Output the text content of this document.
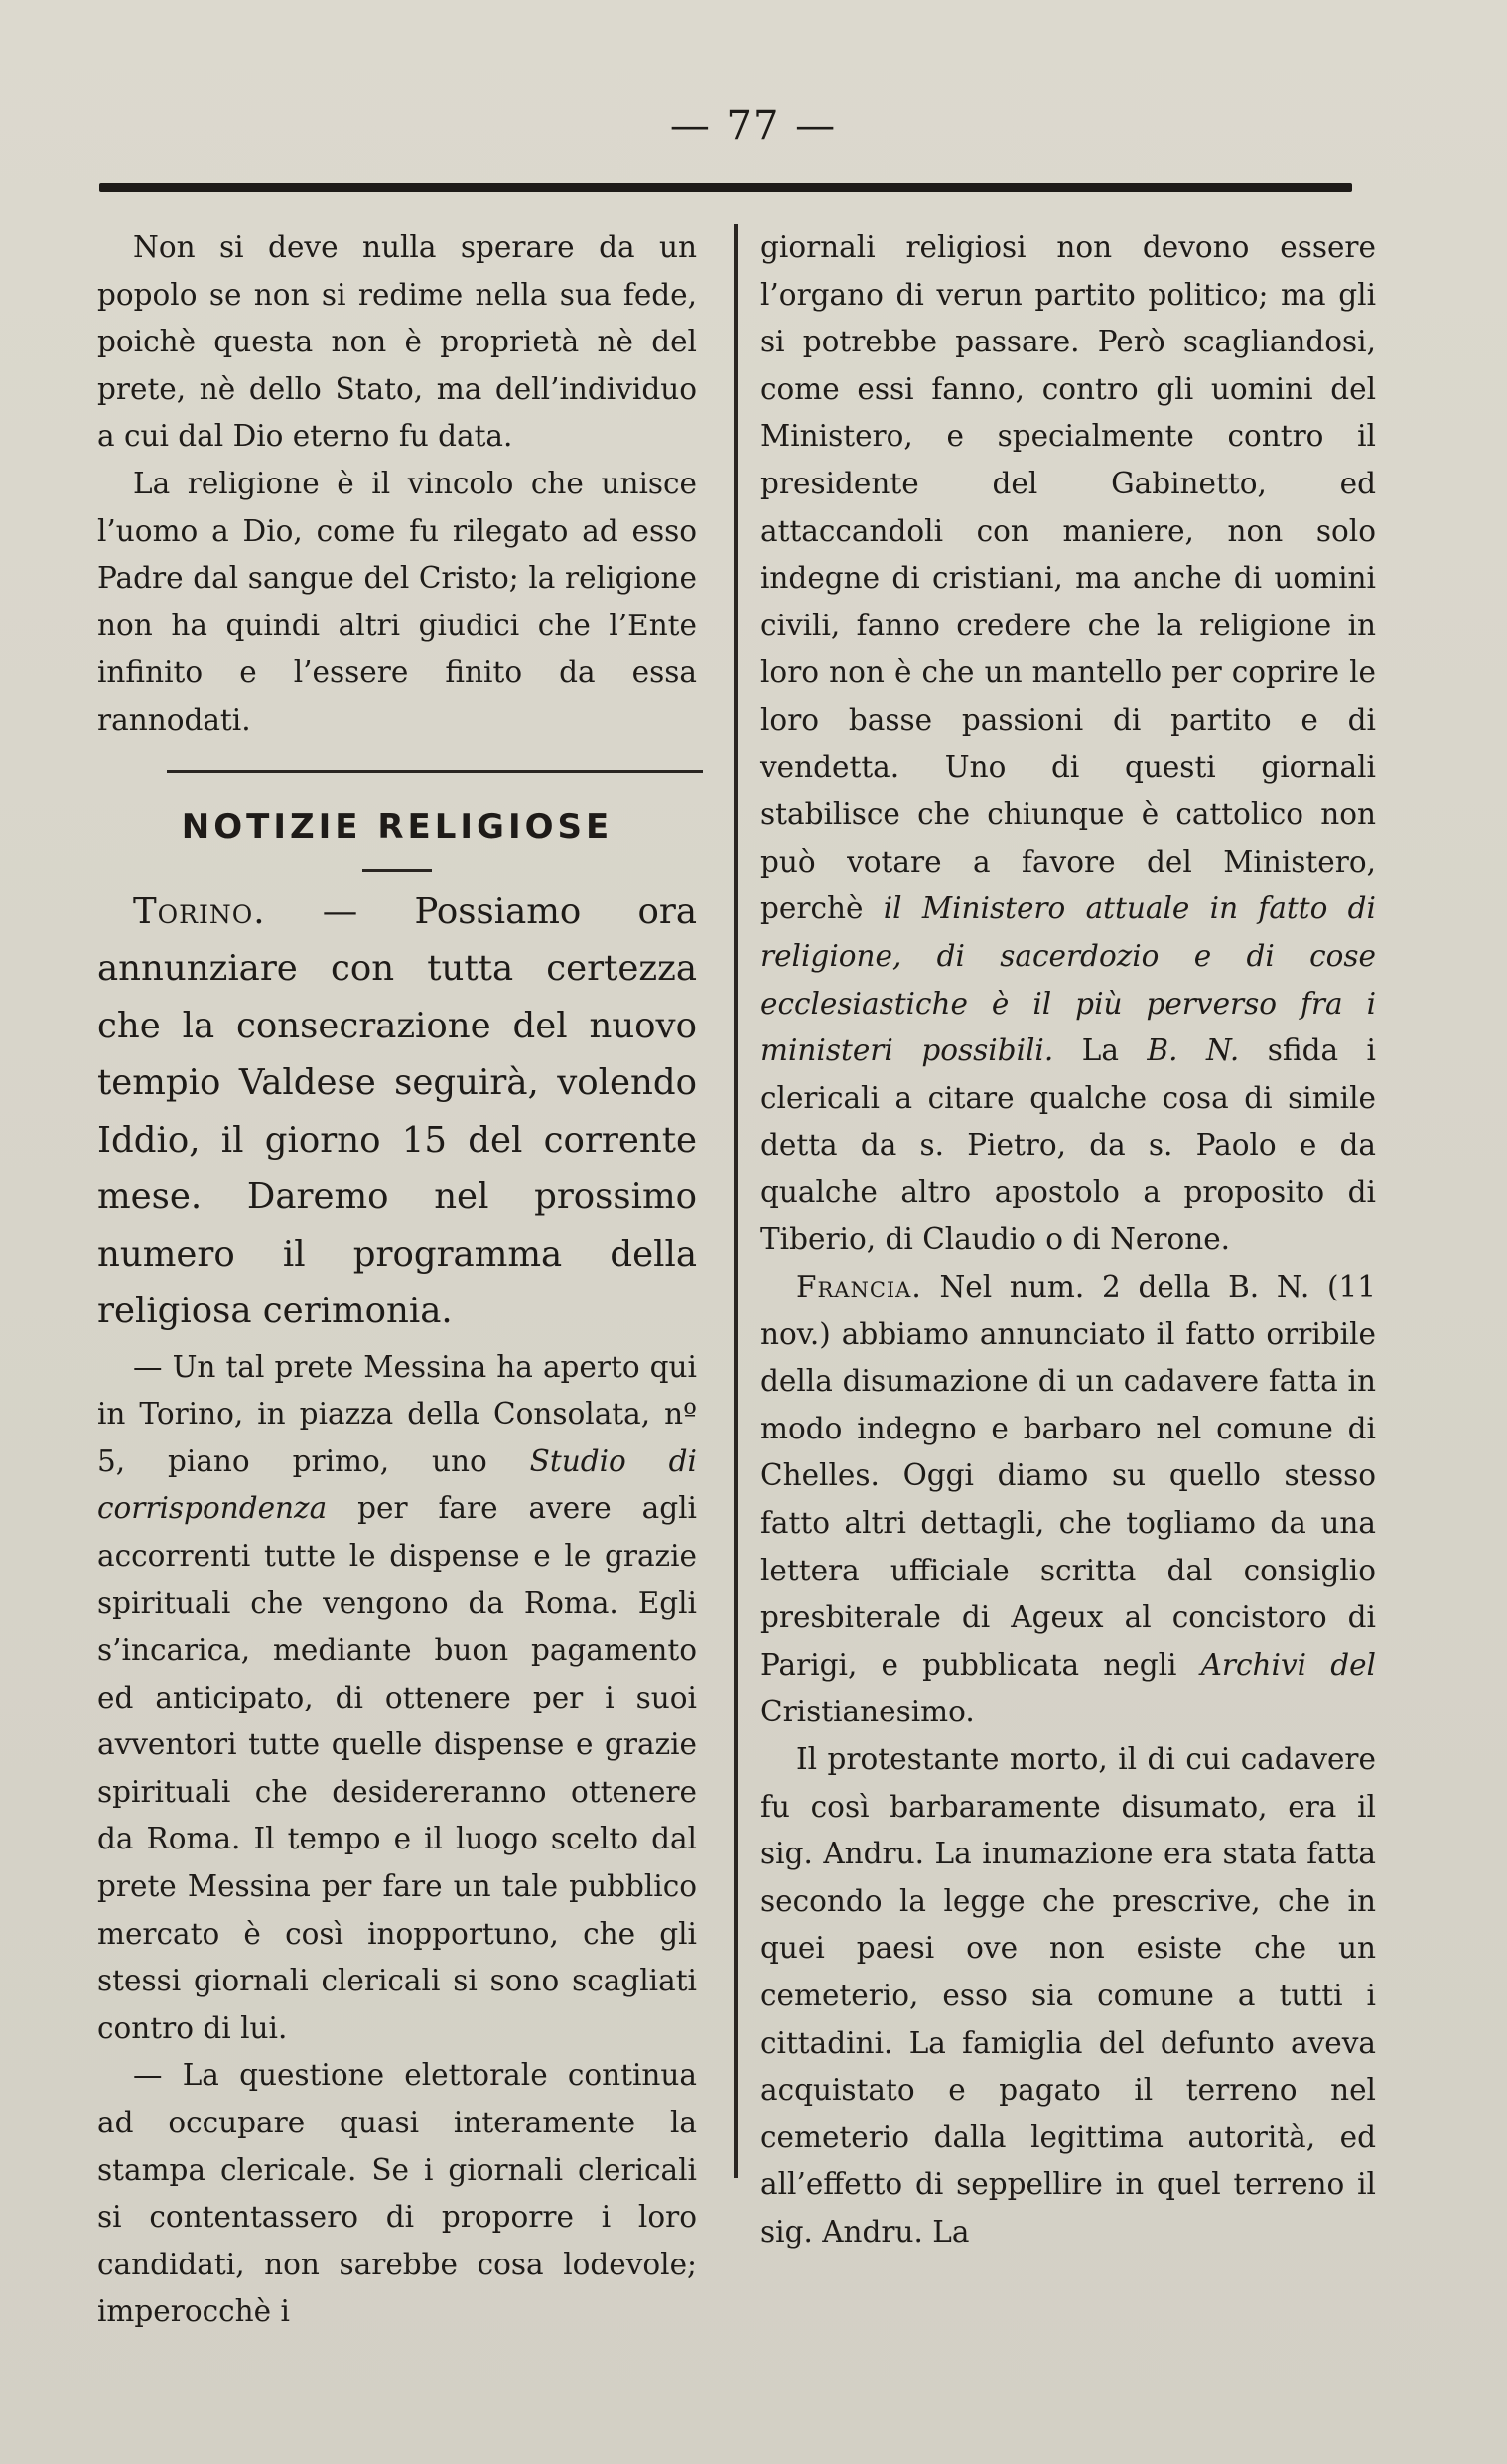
— 77 —

Non si deve nulla sperare da un popolo se non si redime nella sua fede, poichè questa non è proprietà nè del prete, nè dello Stato, ma dell’individuo a cui dal Dio eterno fu data.

La religione è il vincolo che unisce l’uomo a Dio, come fu rilegato ad esso Padre dal sangue del Cristo; la religione non ha quindi altri giudici che l’Ente infinito e l’essere finito da essa rannodati.

NOTIZIE RELIGIOSE

Torino. — Possiamo ora annunziare con tutta certezza che la consecrazione del nuovo tempio Valdese seguirà, volendo Iddio, il giorno 15 del corrente mese. Daremo nel prossimo numero il programma della religiosa cerimonia.

— Un tal prete Messina ha aperto qui in Torino, in piazza della Consolata, nº 5, piano primo, uno Studio di corrispondenza per fare avere agli accorrenti tutte le dispense e le grazie spirituali che vengono da Roma. Egli s’incarica, mediante buon pagamento ed anticipato, di ottenere per i suoi avventori tutte quelle dispense e grazie spirituali che desidereranno ottenere da Roma. Il tempo e il luogo scelto dal prete Messina per fare un tale pubblico mercato è così inopportuno, che gli stessi giornali clericali si sono scagliati contro di lui.

— La questione elettorale continua ad occupare quasi interamente la stampa clericale. Se i giornali clericali si contentassero di proporre i loro candidati, non sarebbe cosa lodevole; imperocchè i

giornali religiosi non devono essere l’organo di verun partito politico; ma gli si potrebbe passare. Però scagliandosi, come essi fanno, contro gli uomini del Ministero, e specialmente contro il presidente del Gabinetto, ed attaccandoli con maniere, non solo indegne di cristiani, ma anche di uomini civili, fanno credere che la religione in loro non è che un mantello per coprire le loro basse passioni di partito e di vendetta. Uno di questi giornali stabilisce che chiunque è cattolico non può votare a favore del Ministero, perchè il Ministero attuale in fatto di religione, di sacerdozio e di cose ecclesiastiche è il più perverso fra i ministeri possibili. La B. N. sfida i clericali a citare qualche cosa di simile detta da s. Pietro, da s. Paolo e da qualche altro apostolo a proposito di Tiberio, di Claudio o di Nerone.

Francia. Nel num. 2 della B. N. (11 nov.) abbiamo annunciato il fatto orribile della disumazione di un cadavere fatta in modo indegno e barbaro nel comune di Chelles. Oggi diamo su quello stesso fatto altri dettagli, che togliamo da una lettera ufficiale scritta dal consiglio presbiterale di Ageux al concistoro di Parigi, e pubblicata negli Archivi del Cristianesimo.

Il protestante morto, il di cui cadavere fu così barbaramente disumato, era il sig. Andru. La inumazione era stata fatta secondo la legge che prescrive, che in quei paesi ove non esiste che un cemeterio, esso sia comune a tutti i cittadini. La famiglia del defunto aveva acquistato e pagato il terreno nel cemeterio dalla legittima autorità, ed all’effetto di seppellire in quel terreno il sig. Andru. La
